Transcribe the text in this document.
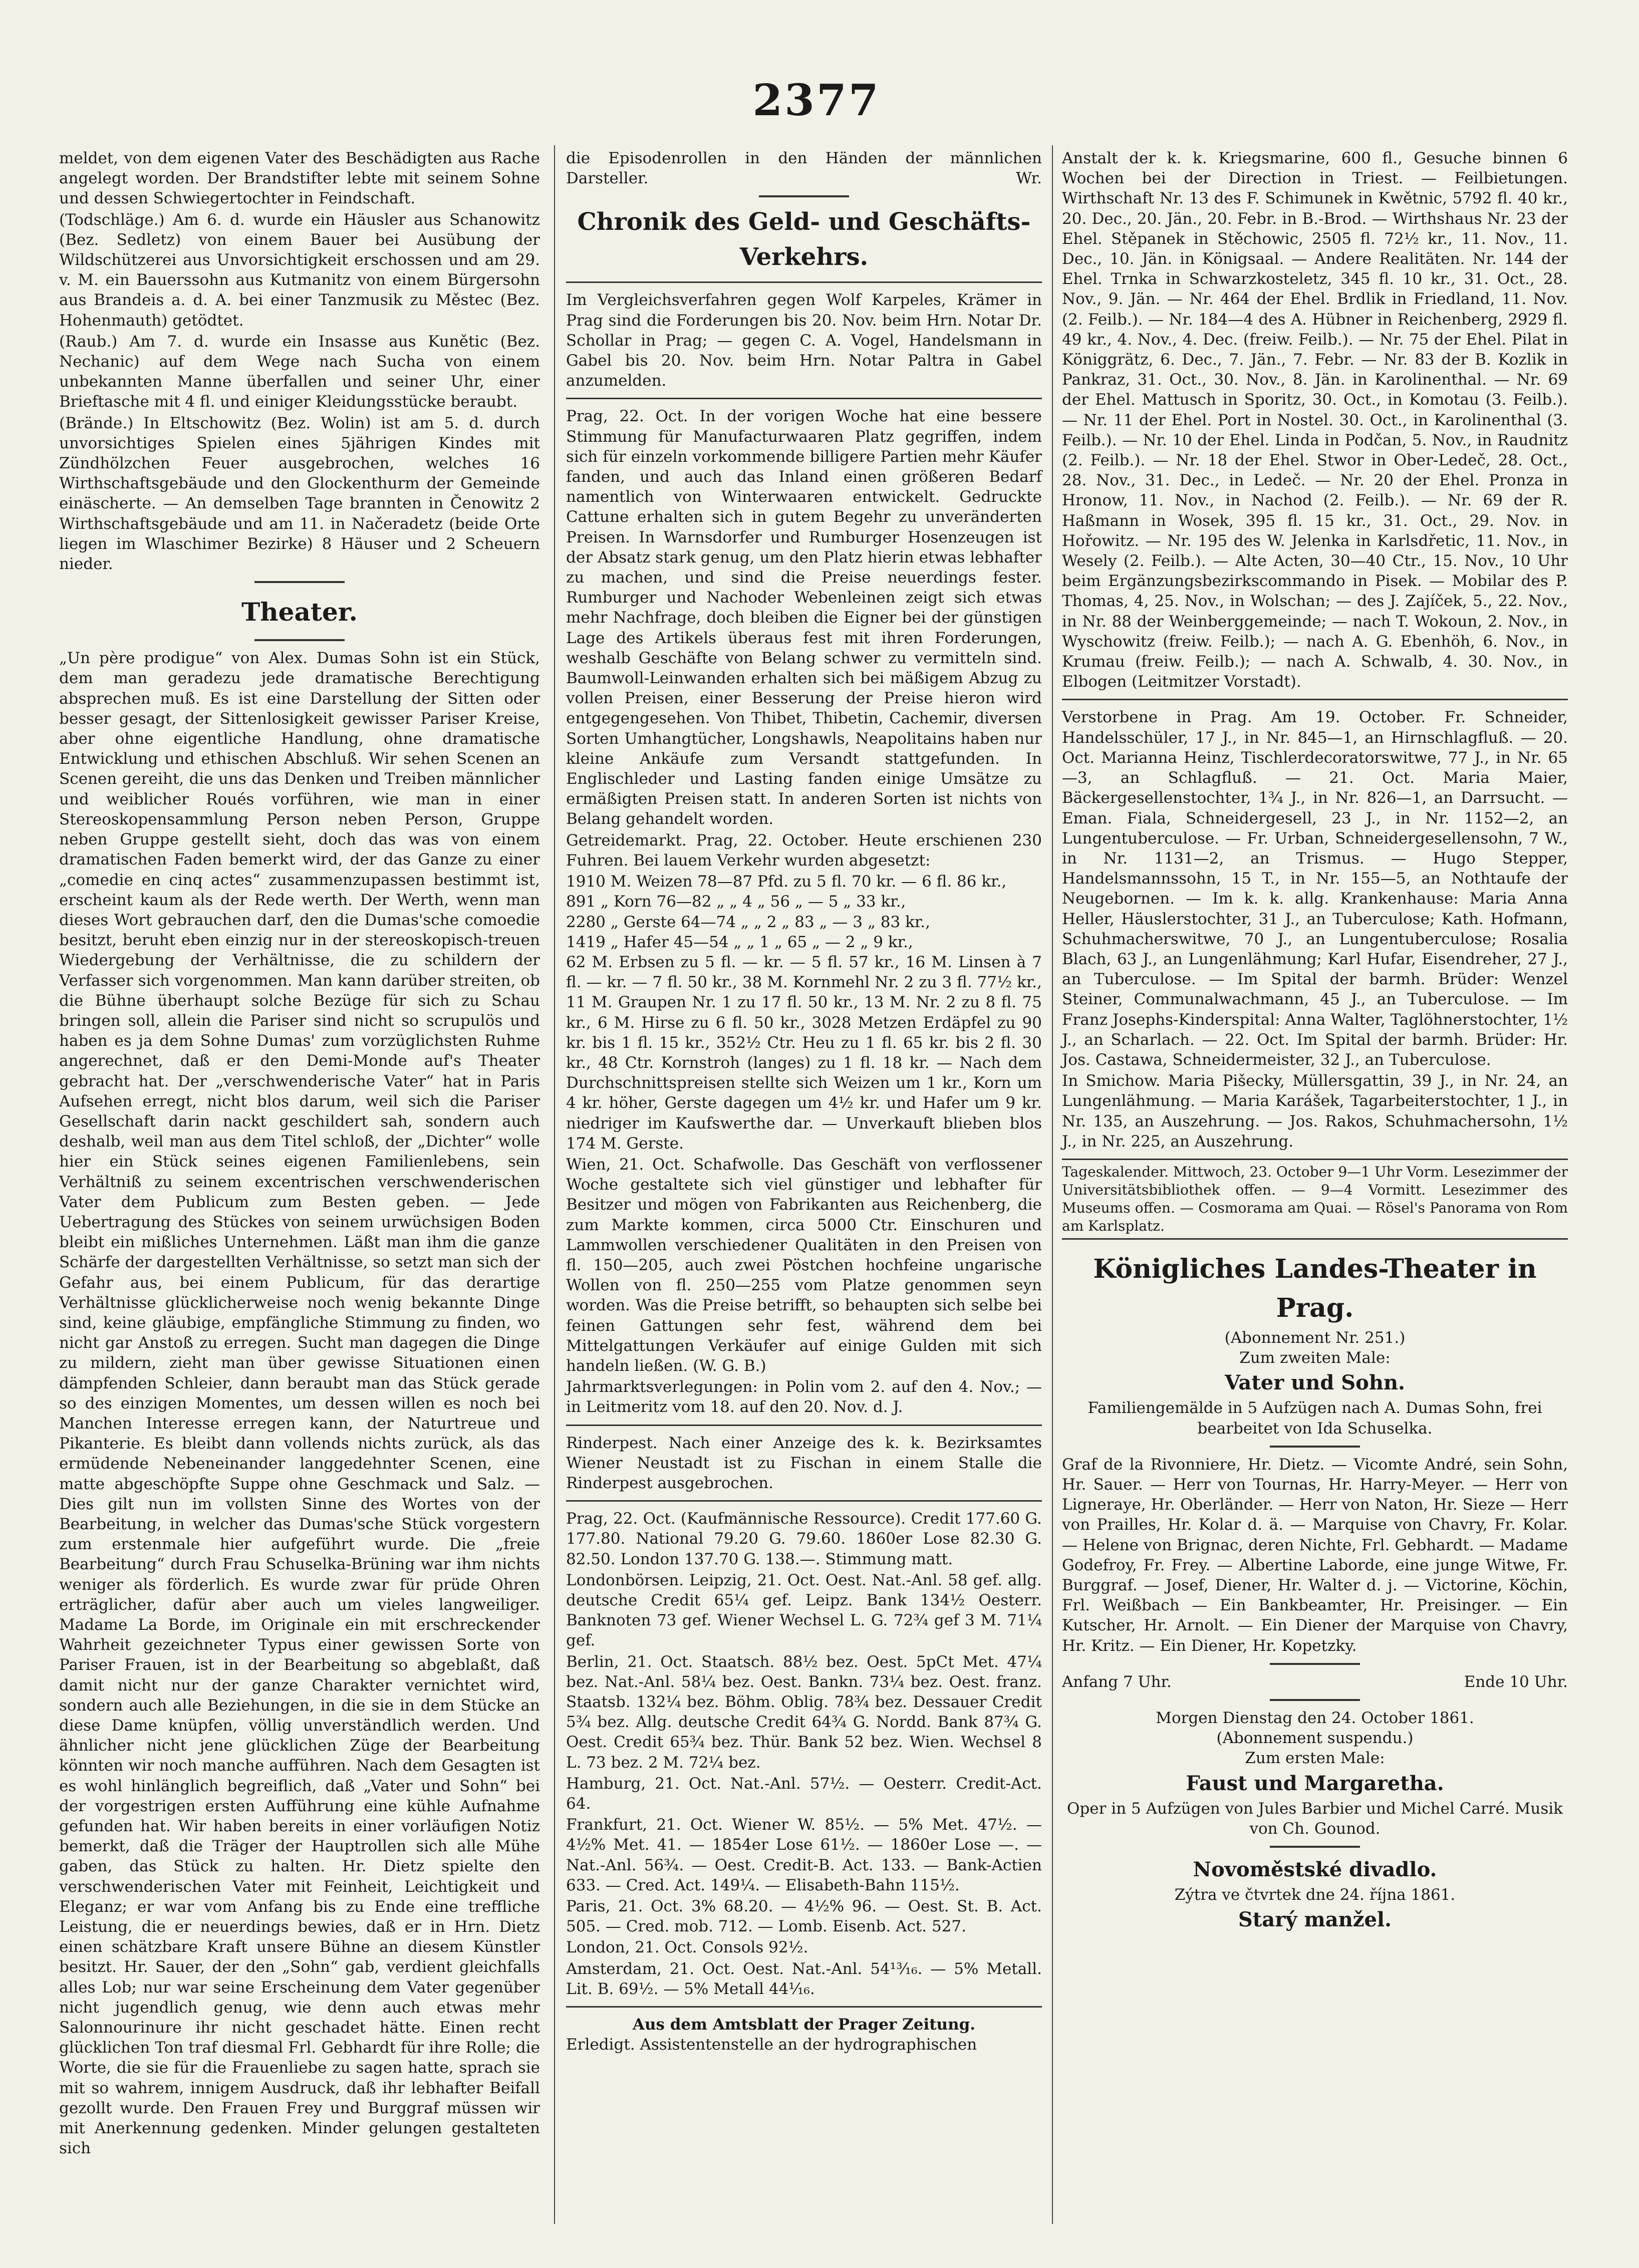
2377

meldet, von dem eigenen Vater des Beschädigten aus Rache angelegt worden. Der Brandstifter lebte mit seinem Sohne und dessen Schwiegertochter in Feindschaft.

(Todschläge.) Am 6. d. wurde ein Häusler aus Schanowitz (Bez. Sedletz) von einem Bauer bei Ausübung der Wildschützerei aus Unvorsichtigkeit erschossen und am 29. v. M. ein Bauerssohn aus Kutmanitz von einem Bürgersohn aus Brandeis a. d. A. bei einer Tanzmusik zu Městec (Bez. Hohenmauth) getödtet.

(Raub.) Am 7. d. wurde ein Insasse aus Kunětic (Bez. Nechanic) auf dem Wege nach Sucha von einem unbekannten Manne überfallen und seiner Uhr, einer Brieftasche mit 4 fl. und einiger Kleidungsstücke beraubt.

(Brände.) In Eltschowitz (Bez. Wolin) ist am 5. d. durch unvorsichtiges Spielen eines 5jährigen Kindes mit Zündhölzchen Feuer ausgebrochen, welches 16 Wirthschaftsgebäude und den Glockenthurm der Gemeinde einäscherte. — An demselben Tage brannten in Čenowitz 2 Wirthschaftsgebäude und am 11. in Načeradetz (beide Orte liegen im Wlaschimer Bezirke) 8 Häuser und 2 Scheuern nieder.

Theater.

„Un père prodigue“ von Alex. Dumas Sohn ist ein Stück, dem man geradezu jede dramatische Berechtigung absprechen muß. Es ist eine Darstellung der Sitten oder besser gesagt, der Sittenlosigkeit gewisser Pariser Kreise, aber ohne eigentliche Handlung, ohne dramatische Entwicklung und ethischen Abschluß. Wir sehen Scenen an Scenen gereiht, die uns das Denken und Treiben männlicher und weiblicher Roués vorführen, wie man in einer Stereoskopensammlung Person neben Person, Gruppe neben Gruppe gestellt sieht, doch das was von einem dramatischen Faden bemerkt wird, der das Ganze zu einer „comedie en cinq actes“ zusammenzupassen bestimmt ist, erscheint kaum als der Rede werth. Der Werth, wenn man dieses Wort gebrauchen darf, den die Dumas'sche comoedie besitzt, beruht eben einzig nur in der stereoskopisch-treuen Wiedergebung der Verhältnisse, die zu schildern der Verfasser sich vorgenommen. Man kann darüber streiten, ob die Bühne überhaupt solche Bezüge für sich zu Schau bringen soll, allein die Pariser sind nicht so scrupulös und haben es ja dem Sohne Dumas' zum vorzüglichsten Ruhme angerechnet, daß er den Demi-Monde auf's Theater gebracht hat. Der „verschwenderische Vater“ hat in Paris Aufsehen erregt, nicht blos darum, weil sich die Pariser Gesellschaft darin nackt geschildert sah, sondern auch deshalb, weil man aus dem Titel schloß, der „Dichter“ wolle hier ein Stück seines eigenen Familienlebens, sein Verhältniß zu seinem excentrischen verschwenderischen Vater dem Publicum zum Besten geben. — Jede Uebertragung des Stückes von seinem urwüchsigen Boden bleibt ein mißliches Unternehmen. Läßt man ihm die ganze Schärfe der dargestellten Verhältnisse, so setzt man sich der Gefahr aus, bei einem Publicum, für das derartige Verhältnisse glücklicherweise noch wenig bekannte Dinge sind, keine gläubige, empfängliche Stimmung zu finden, wo nicht gar Anstoß zu erregen. Sucht man dagegen die Dinge zu mildern, zieht man über gewisse Situationen einen dämpfenden Schleier, dann beraubt man das Stück gerade so des einzigen Momentes, um dessen willen es noch bei Manchen Interesse erregen kann, der Naturtreue und Pikanterie. Es bleibt dann vollends nichts zurück, als das ermüdende Nebeneinander langgedehnter Scenen, eine matte abgeschöpfte Suppe ohne Geschmack und Salz. — Dies gilt nun im vollsten Sinne des Wortes von der Bearbeitung, in welcher das Dumas'sche Stück vorgestern zum erstenmale hier aufgeführt wurde. Die „freie Bearbeitung“ durch Frau Schuselka-Brüning war ihm nichts weniger als förderlich. Es wurde zwar für prüde Ohren erträglicher, dafür aber auch um vieles langweiliger. Madame La Borde, im Originale ein mit erschreckender Wahrheit gezeichneter Typus einer gewissen Sorte von Pariser Frauen, ist in der Bearbeitung so abgeblaßt, daß damit nicht nur der ganze Charakter vernichtet wird, sondern auch alle Beziehungen, in die sie in dem Stücke an diese Dame knüpfen, völlig unverständlich werden. Und ähnlicher nicht jene glücklichen Züge der Bearbeitung könnten wir noch manche aufführen. Nach dem Gesagten ist es wohl hinlänglich begreiflich, daß „Vater und Sohn“ bei der vorgestrigen ersten Aufführung eine kühle Aufnahme gefunden hat. Wir haben bereits in einer vorläufigen Notiz bemerkt, daß die Träger der Hauptrollen sich alle Mühe gaben, das Stück zu halten. Hr. Dietz spielte den verschwenderischen Vater mit Feinheit, Leichtigkeit und Eleganz; er war vom Anfang bis zu Ende eine treffliche Leistung, die er neuerdings bewies, daß er in Hrn. Dietz einen schätzbare Kraft unsere Bühne an diesem Künstler besitzt. Hr. Sauer, der den „Sohn“ gab, verdient gleichfalls alles Lob; nur war seine Erscheinung dem Vater gegenüber nicht jugendlich genug, wie denn auch etwas mehr Salonnourinure ihr nicht geschadet hätte. Einen recht glücklichen Ton traf diesmal Frl. Gebhardt für ihre Rolle; die Worte, die sie für die Frauenliebe zu sagen hatte, sprach sie mit so wahrem, innigem Ausdruck, daß ihr lebhafter Beifall gezollt wurde. Den Frauen Frey und Burggraf müssen wir mit Anerkennung gedenken. Minder gelungen gestalteten sich

die Episodenrollen in den Händen der männlichen Darsteller.	Wr.

Chronik des Geld- und Geschäfts-Verkehrs.

Im Vergleichsverfahren gegen Wolf Karpeles, Krämer in Prag sind die Forderungen bis 20. Nov. beim Hrn. Notar Dr. Schollar in Prag; — gegen C. A. Vogel, Handelsmann in Gabel bis 20. Nov. beim Hrn. Notar Paltra in Gabel anzumelden.

Prag, 22. Oct. In der vorigen Woche hat eine bessere Stimmung für Manufacturwaaren Platz gegriffen, indem sich für einzeln vorkommende billigere Partien mehr Käufer fanden, und auch das Inland einen größeren Bedarf namentlich von Winterwaaren entwickelt. Gedruckte Cattune erhalten sich in gutem Begehr zu unveränderten Preisen. In Warnsdorfer und Rumburger Hosenzeugen ist der Absatz stark genug, um den Platz hierin etwas lebhafter zu machen, und sind die Preise neuerdings fester. Rumburger und Nachoder Webenleinen zeigt sich etwas mehr Nachfrage, doch bleiben die Eigner bei der günstigen Lage des Artikels überaus fest mit ihren Forderungen, weshalb Geschäfte von Belang schwer zu vermitteln sind. Baumwoll-Leinwanden erhalten sich bei mäßigem Abzug zu vollen Preisen, einer Besserung der Preise hieron wird entgegengesehen. Von Thibet, Thibetin, Cachemir, diversen Sorten Umhangtücher, Longshawls, Neapolitains haben nur kleine Ankäufe zum Versandt stattgefunden. In Englischleder und Lasting fanden einige Umsätze zu ermäßigten Preisen statt. In anderen Sorten ist nichts von Belang gehandelt worden.

Getreidemarkt. Prag, 22. October. Heute erschienen 230 Fuhren. Bei lauem Verkehr wurden abgesetzt:

1910 M. Weizen 78—87 Pfd. zu 5 fl. 70 kr. — 6 fl. 86 kr.,
891 „ Korn 76—82 „ „ 4 „ 56 „ — 5 „ 33 kr.,
2280 „ Gerste 64—74 „ „ 2 „ 83 „ — 3 „ 83 kr.,
1419 „ Hafer 45—54 „ „ 1 „ 65 „ — 2 „ 9 kr.,

62 M. Erbsen zu 5 fl. — kr. — 5 fl. 57 kr., 16 M. Linsen à 7 fl. — kr. — 7 fl. 50 kr., 38 M. Kornmehl Nr. 2 zu 3 fl. 77½ kr., 11 M. Graupen Nr. 1 zu 17 fl. 50 kr., 13 M. Nr. 2 zu 8 fl. 75 kr., 6 M. Hirse zu 6 fl. 50 kr., 3028 Metzen Erdäpfel zu 90 kr. bis 1 fl. 15 kr., 352½ Ctr. Heu zu 1 fl. 65 kr. bis 2 fl. 30 kr., 48 Ctr. Kornstroh (langes) zu 1 fl. 18 kr. — Nach dem Durchschnittspreisen stellte sich Weizen um 1 kr., Korn um 4 kr. höher, Gerste dagegen um 4½ kr. und Hafer um 9 kr. niedriger im Kaufswerthe dar. — Unverkauft blieben blos 174 M. Gerste.

Wien, 21. Oct. Schafwolle. Das Geschäft von verflossener Woche gestaltete sich viel günstiger und lebhafter für Besitzer und mögen von Fabrikanten aus Reichenberg, die zum Markte kommen, circa 5000 Ctr. Einschuren und Lammwollen verschiedener Qualitäten in den Preisen von fl. 150—205, auch zwei Pöstchen hochfeine ungarische Wollen von fl. 250—255 vom Platze genommen seyn worden. Was die Preise betrifft, so behaupten sich selbe bei feinen Gattungen sehr fest, während dem bei Mittelgattungen Verkäufer auf einige Gulden mit sich handeln ließen. (W. G. B.)

Jahrmarktsverlegungen: in Polin vom 2. auf den 4. Nov.; — in Leitmeritz vom 18. auf den 20. Nov. d. J.

Rinderpest. Nach einer Anzeige des k. k. Bezirksamtes Wiener Neustadt ist zu Fischan in einem Stalle die Rinderpest ausgebrochen.

Prag, 22. Oct. (Kaufmännische Ressource). Credit 177.60 G. 177.80. National 79.20 G. 79.60. 1860er Lose 82.30 G. 82.50. London 137.70 G. 138.—. Stimmung matt.

Londonbörsen. Leipzig, 21. Oct. Oest. Nat.-Anl. 58 gef. allg. deutsche Credit 65¼ gef. Leipz. Bank 134½ Oesterr. Banknoten 73 gef. Wiener Wechsel L. G. 72¾ gef 3 M. 71¼ gef.

Berlin, 21. Oct. Staatsch. 88½ bez. Oest. 5pCt Met. 47¼ bez. Nat.-Anl. 58¼ bez. Oest. Bankn. 73¼ bez. Oest. franz. Staatsb. 132¼ bez. Böhm. Oblig. 78¾ bez. Dessauer Credit 5¾ bez. Allg. deutsche Credit 64¾ G. Nordd. Bank 87¾ G. Oest. Credit 65¾ bez. Thür. Bank 52 bez. Wien. Wechsel 8 L. 73 bez. 2 M. 72¼ bez.

Hamburg, 21. Oct. Nat.-Anl. 57½. — Oesterr. Credit-Act. 64.

Frankfurt, 21. Oct. Wiener W. 85½. — 5% Met. 47½. — 4½% Met. 41. — 1854er Lose 61½. — 1860er Lose —. — Nat.-Anl. 56¾. — Oest. Credit-B. Act. 133. — Bank-Actien 633. — Cred. Act. 149¼. — Elisabeth-Bahn 115½.

Paris, 21. Oct. 3% 68.20. — 4½% 96. — Oest. St. B. Act. 505. — Cred. mob. 712. — Lomb. Eisenb. Act. 527.

London, 21. Oct. Consols 92½.

Amsterdam, 21. Oct. Oest. Nat.-Anl. 54¹³⁄₁₆. — 5% Metall. Lit. B. 69½. — 5% Metall 44¹⁄₁₆.

Aus dem Amtsblatt der Prager Zeitung.

Erledigt. Assistentenstelle an der hydrographischen

Anstalt der k. k. Kriegsmarine, 600 fl., Gesuche binnen 6 Wochen bei der Direction in Triest. — Feilbietungen. Wirthschaft Nr. 13 des F. Schimunek in Kwětnic, 5792 fl. 40 kr., 20. Dec., 20. Jän., 20. Febr. in B.-Brod. — Wirthshaus Nr. 23 der Ehel. Stěpanek in Stěchowic, 2505 fl. 72½ kr., 11. Nov., 11. Dec., 10. Jän. in Königsaal. — Andere Realitäten. Nr. 144 der Ehel. Trnka in Schwarzkosteletz, 345 fl. 10 kr., 31. Oct., 28. Nov., 9. Jän. — Nr. 464 der Ehel. Brdlik in Friedland, 11. Nov. (2. Feilb.). — Nr. 184—4 des A. Hübner in Reichenberg, 2929 fl. 49 kr., 4. Nov., 4. Dec. (freiw. Feilb.). — Nr. 75 der Ehel. Pilat in Königgrätz, 6. Dec., 7. Jän., 7. Febr. — Nr. 83 der B. Kozlik in Pankraz, 31. Oct., 30. Nov., 8. Jän. in Karolinenthal. — Nr. 69 der Ehel. Mattusch in Sporitz, 30. Oct., in Komotau (3. Feilb.). — Nr. 11 der Ehel. Port in Nostel. 30. Oct., in Karolinenthal (3. Feilb.). — Nr. 10 der Ehel. Linda in Podčan, 5. Nov., in Raudnitz (2. Feilb.). — Nr. 18 der Ehel. Stwor in Ober-Ledeč, 28. Oct., 28. Nov., 31. Dec., in Ledeč. — Nr. 20 der Ehel. Pronza in Hronow, 11. Nov., in Nachod (2. Feilb.). — Nr. 69 der R. Haßmann in Wosek, 395 fl. 15 kr., 31. Oct., 29. Nov. in Hořowitz. — Nr. 195 des W. Jelenka in Karlsdřetic, 11. Nov., in Wesely (2. Feilb.). — Alte Acten, 30—40 Ctr., 15. Nov., 10 Uhr beim Ergänzungsbezirkscommando in Pisek. — Mobilar des P. Thomas, 4, 25. Nov., in Wolschan; — des J. Zajíček, 5., 22. Nov., in Nr. 88 der Weinberggemeinde; — nach T. Wokoun, 2. Nov., in Wyschowitz (freiw. Feilb.); — nach A. G. Ebenhöh, 6. Nov., in Krumau (freiw. Feilb.); — nach A. Schwalb, 4. 30. Nov., in Elbogen (Leitmitzer Vorstadt).

Verstorbene in Prag. Am 19. October. Fr. Schneider, Handelsschüler, 17 J., in Nr. 845—1, an Hirnschlagfluß. — 20. Oct. Marianna Heinz, Tischlerdecoratorswitwe, 77 J., in Nr. 65—3, an Schlagfluß. — 21. Oct. Maria Maier, Bäckergesellenstochter, 1¾ J., in Nr. 826—1, an Darrsucht. — Eman. Fiala, Schneidergesell, 23 J., in Nr. 1152—2, an Lungentuberculose. — Fr. Urban, Schneidergesellensohn, 7 W., in Nr. 1131—2, an Trismus. — Hugo Stepper, Handelsmannssohn, 15 T., in Nr. 155—5, an Nothtaufe der Neugebornen. — Im k. k. allg. Krankenhause: Maria Anna Heller, Häuslerstochter, 31 J., an Tuberculose; Kath. Hofmann, Schuhmacherswitwe, 70 J., an Lungentuberculose; Rosalia Blach, 63 J., an Lungenlähmung; Karl Hufar, Eisendreher, 27 J., an Tuberculose. — Im Spital der barmh. Brüder: Wenzel Steiner, Communalwachmann, 45 J., an Tuberculose. — Im Franz Josephs-Kinderspital: Anna Walter, Taglöhnerstochter, 1½ J., an Scharlach. — 22. Oct. Im Spital der barmh. Brüder: Hr. Jos. Castawa, Schneidermeister, 32 J., an Tuberculose.

In Smichow. Maria Pišecky, Müllersgattin, 39 J., in Nr. 24, an Lungenlähmung. — Maria Karášek, Tagarbeiterstochter, 1 J., in Nr. 135, an Auszehrung. — Jos. Rakos, Schuhmachersohn, 1½ J., in Nr. 225, an Auszehrung.

Tageskalender. Mittwoch, 23. October 9—1 Uhr Vorm. Lesezimmer der Universitätsbibliothek offen. — 9—4 Vormitt. Lesezimmer des Museums offen. — Cosmorama am Quai. — Rösel's Panorama von Rom am Karlsplatz.
Königliches Landes-Theater in Prag.
(Abonnement Nr. 251.)
Zum zweiten Male:
Vater und Sohn.
Familiengemälde in 5 Aufzügen nach A. Dumas Sohn, frei bearbeitet von Ida Schuselka.

Graf de la Rivonniere, Hr. Dietz. — Vicomte André, sein Sohn, Hr. Sauer. — Herr von Tournas, Hr. Harry-Meyer. — Herr von Ligneraye, Hr. Oberländer. — Herr von Naton, Hr. Sieze — Herr von Prailles, Hr. Kolar d. ä. — Marquise von Chavry, Fr. Kolar. — Helene von Brignac, deren Nichte, Frl. Gebhardt. — Madame Godefroy, Fr. Frey. — Albertine Laborde, eine junge Witwe, Fr. Burggraf. — Josef, Diener, Hr. Walter d. j. — Victorine, Köchin, Frl. Weißbach — Ein Bankbeamter, Hr. Preisinger. — Ein Kutscher, Hr. Arnolt. — Ein Diener der Marquise von Chavry, Hr. Kritz. — Ein Diener, Hr. Kopetzky.

Anfang 7 Uhr.	Ende 10 Uhr.
Morgen Dienstag den 24. October 1861.
(Abonnement suspendu.)
Zum ersten Male:
Faust und Margaretha.
Oper in 5 Aufzügen von Jules Barbier und Michel Carré. Musik von Ch. Gounod.
Novoměstské divadlo.
Zýtra ve čtvrtek dne 24. října 1861.
Starý manžel.
